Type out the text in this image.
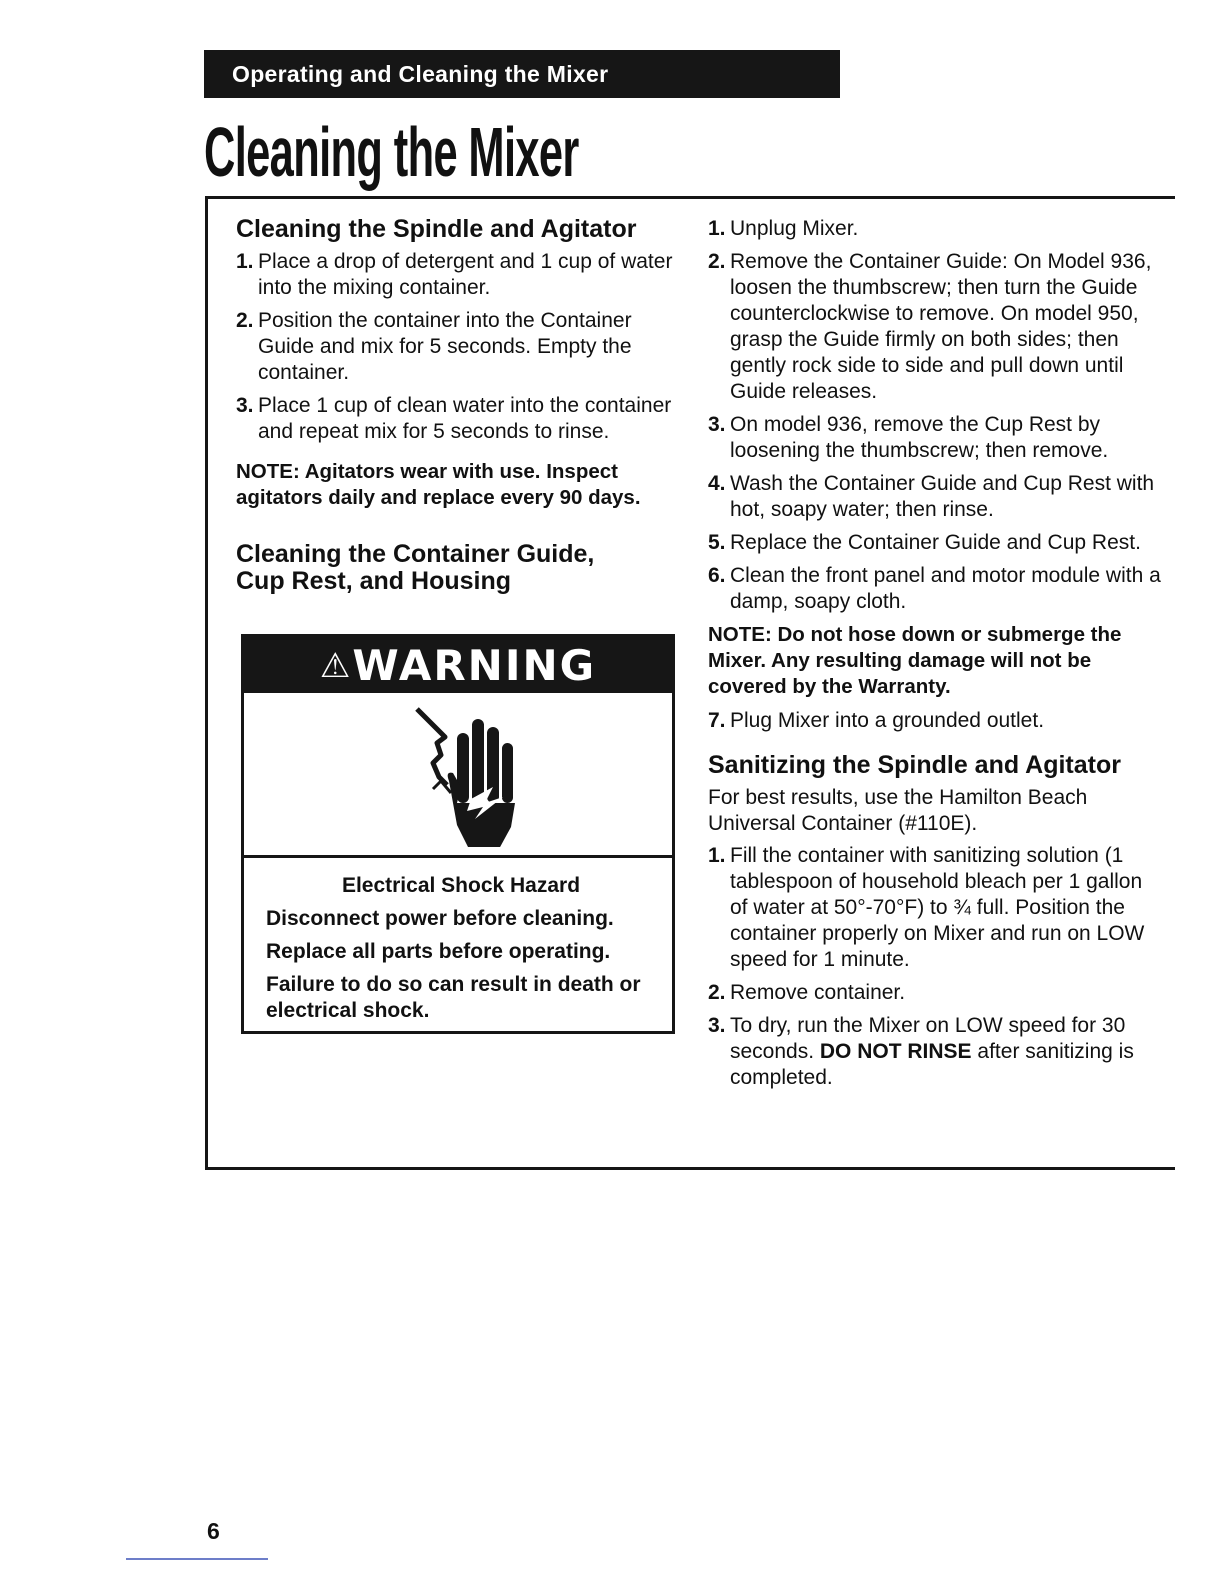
Operating and Cleaning the Mixer
Cleaning the Mixer
Cleaning the Spindle and Agitator
1. Place a drop of detergent and 1 cup of water into the mixing container.
2. Position the container into the Container Guide and mix for 5 seconds. Empty the container.
3. Place 1 cup of clean water into the container and repeat mix for 5 seconds to rinse.

NOTE: Agitators wear with use. Inspect agitators daily and replace every 90 days.

Cleaning the Container Guide, Cup Rest, and Housing
⚠WARNING
Electrical Shock Hazard

Disconnect power before cleaning.

Replace all parts before operating.

Failure to do so can result in death or electrical shock.

1. Unplug Mixer.
2. Remove the Container Guide: On Model 936, loosen the thumbscrew; then turn the Guide counterclockwise to remove. On model 950, grasp the Guide firmly on both sides; then gently rock side to side and pull down until Guide releases.
3. On model 936, remove the Cup Rest by loosening the thumbscrew; then remove.
4. Wash the Container Guide and Cup Rest with hot, soapy water; then rinse.
5. Replace the Container Guide and Cup Rest.
6. Clean the front panel and motor module with a damp, soapy cloth.

NOTE: Do not hose down or submerge the Mixer. Any resulting damage will not be covered by the Warranty.

7. Plug Mixer into a grounded outlet.
Sanitizing the Spindle and Agitator

For best results, use the Hamilton Beach Universal Container (#110E).

1. Fill the container with sanitizing solution (1 tablespoon of household bleach per 1 gallon of water at 50°-70°F) to ¾ full. Position the container properly on Mixer and run on LOW speed for 1 minute.
2. Remove container.
3. To dry, run the Mixer on LOW speed for 30 seconds. DO NOT RINSE after sanitizing is completed.
6
